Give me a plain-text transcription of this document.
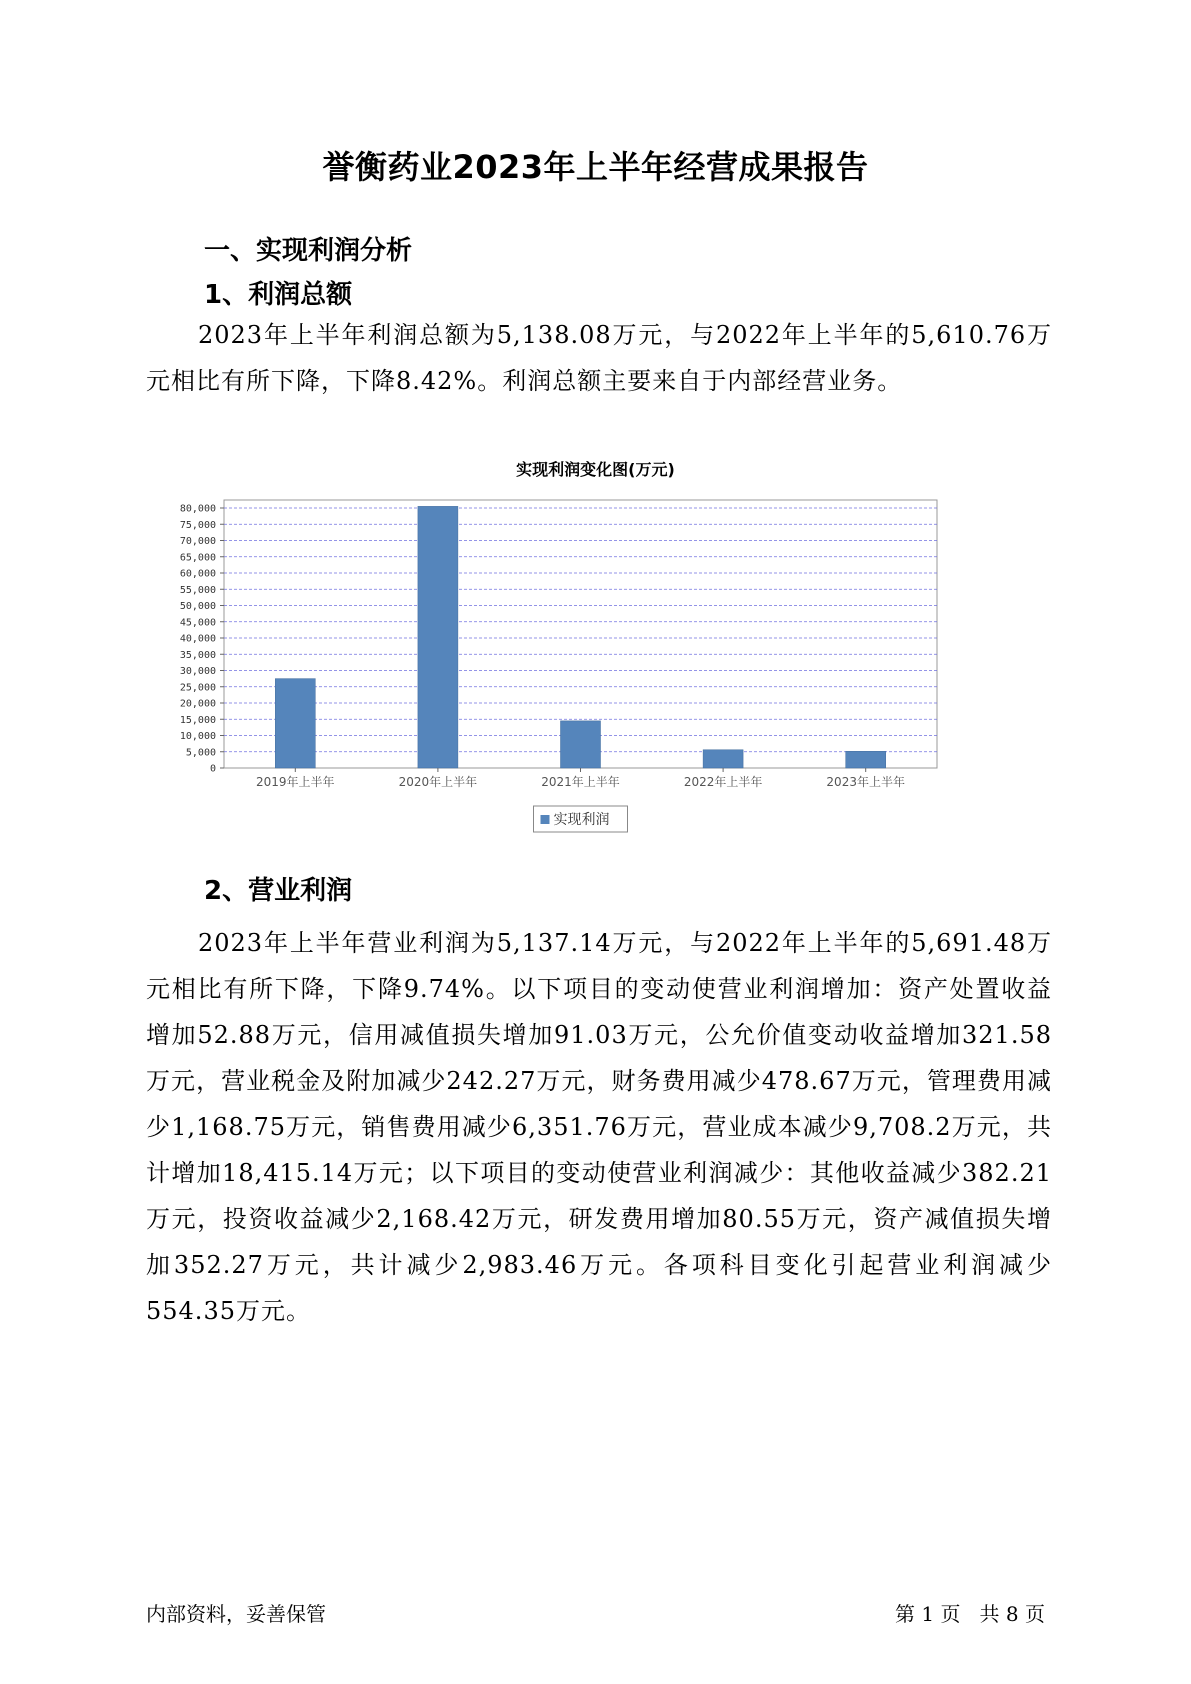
誉衡药业2023年上半年经营成果报告
一、实现利润分析
1、利润总额
2023年上半年利润总额为5,138.08万元，与2022年上半年的5,610.76万元相比有所下降，下降8.42%。利润总额主要来自于内部经营业务。
实现利润变化图(万元)
0
5,000
10,000
15,000
20,000
25,000
30,000
35,000
40,000
45,000
50,000
55,000
60,000
65,000
70,000
75,000
80,000
2019年上半年	2020年上半年	2021年上半年	2022年上半年	2023年上半年
实现利润
2、营业利润
2023年上半年营业利润为5,137.14万元，与2022年上半年的5,691.48万元相比有所下降，下降9.74%。以下项目的变动使营业利润增加：资产处置收益增加52.88万元，信用减值损失增加91.03万元，公允价值变动收益增加321.58万元，营业税金及附加减少242.27万元，财务费用减少478.67万元，管理费用减少1,168.75万元，销售费用减少6,351.76万元，营业成本减少9,708.2万元，共计增加18,415.14万元；以下项目的变动使营业利润减少：其他收益减少382.21万元，投资收益减少2,168.42万元，研发费用增加80.55万元，资产减值损失增加352.27万元，共计减少2,983.46万元。各项科目变化引起营业利润减少554.35万元。
内部资料，妥善保管	第 1 页   共 8 页
